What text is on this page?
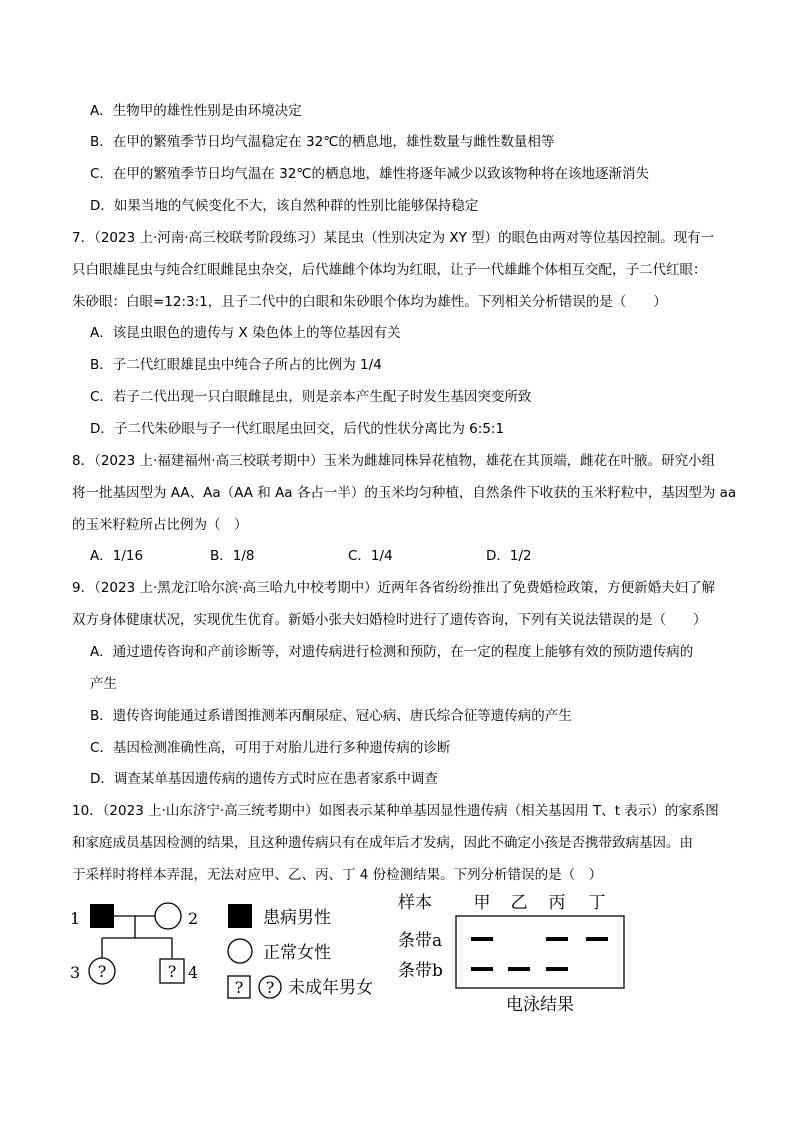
A．生物甲的雄性性别是由环境决定
B．在甲的繁殖季节日均气温稳定在 32℃的栖息地，雄性数量与雌性数量相等
C．在甲的繁殖季节日均气温在 32℃的栖息地，雄性将逐年减少以致该物种将在该地逐渐消失
D．如果当地的气候变化不大，该自然种群的性别比能够保持稳定
7．（2023 上·河南·高三校联考阶段练习）某昆虫（性别决定为 XY 型）的眼色由两对等位基因控制。现有一
只白眼雄昆虫与纯合红眼雌昆虫杂交，后代雄雌个体均为红眼，让子一代雄雌个体相互交配，子二代红眼：
朱砂眼：白眼=12:3:1，且子二代中的白眼和朱砂眼个体均为雄性。下列相关分析错误的是（　　）
A．该昆虫眼色的遗传与 X 染色体上的等位基因有关
B．子二代红眼雄昆虫中纯合子所占的比例为 1/4
C．若子二代出现一只白眼雌昆虫，则是亲本产生配子时发生基因突变所致
D．子二代朱砂眼与子一代红眼尾虫回交，后代的性状分离比为 6:5:1
8．（2023 上·福建福州·高三校联考期中）玉米为雌雄同株异花植物，雄花在其顶端，雌花在叶腋。研究小组
将一批基因型为 AA、Aa（AA 和 Aa 各占一半）的玉米均匀种植，自然条件下收获的玉米籽粒中，基因型为 aa
的玉米籽粒所占比例为（　）
A．1/16	B．1/8	C．1/4	D．1/2
9．（2023 上·黑龙江哈尔滨·高三哈九中校考期中）近两年各省纷纷推出了免费婚检政策，方便新婚夫妇了解
双方身体健康状况，实现优生优育。新婚小张夫妇婚检时进行了遗传咨询，下列有关说法错误的是（　　）
A．通过遗传咨询和产前诊断等，对遗传病进行检测和预防，在一定的程度上能够有效的预防遗传病的
产生
B．遗传咨询能通过系谱图推测苯丙酮尿症、冠心病、唐氏综合征等遗传病的产生
C．基因检测准确性高，可用于对胎儿进行多种遗传病的诊断
D．调查某单基因遗传病的遗传方式时应在患者家系中调查
10．（2023 上·山东济宁·高三统考期中）如图表示某种单基因显性遗传病（相关基因用 T、t 表示）的家系图
和家庭成员基因检测的结果，且这种遗传病只有在成年后才发病，因此不确定小孩是否携带致病基因。由
于采样时将样本弄混，无法对应甲、乙、丙、丁 4 份检测结果。下列分析错误的是（　）
1	2
3 ?	? 4
患病男性
正常女性
? ? 未成年男女
样本 甲 乙 丙 丁
条带a
条带b
电泳结果
